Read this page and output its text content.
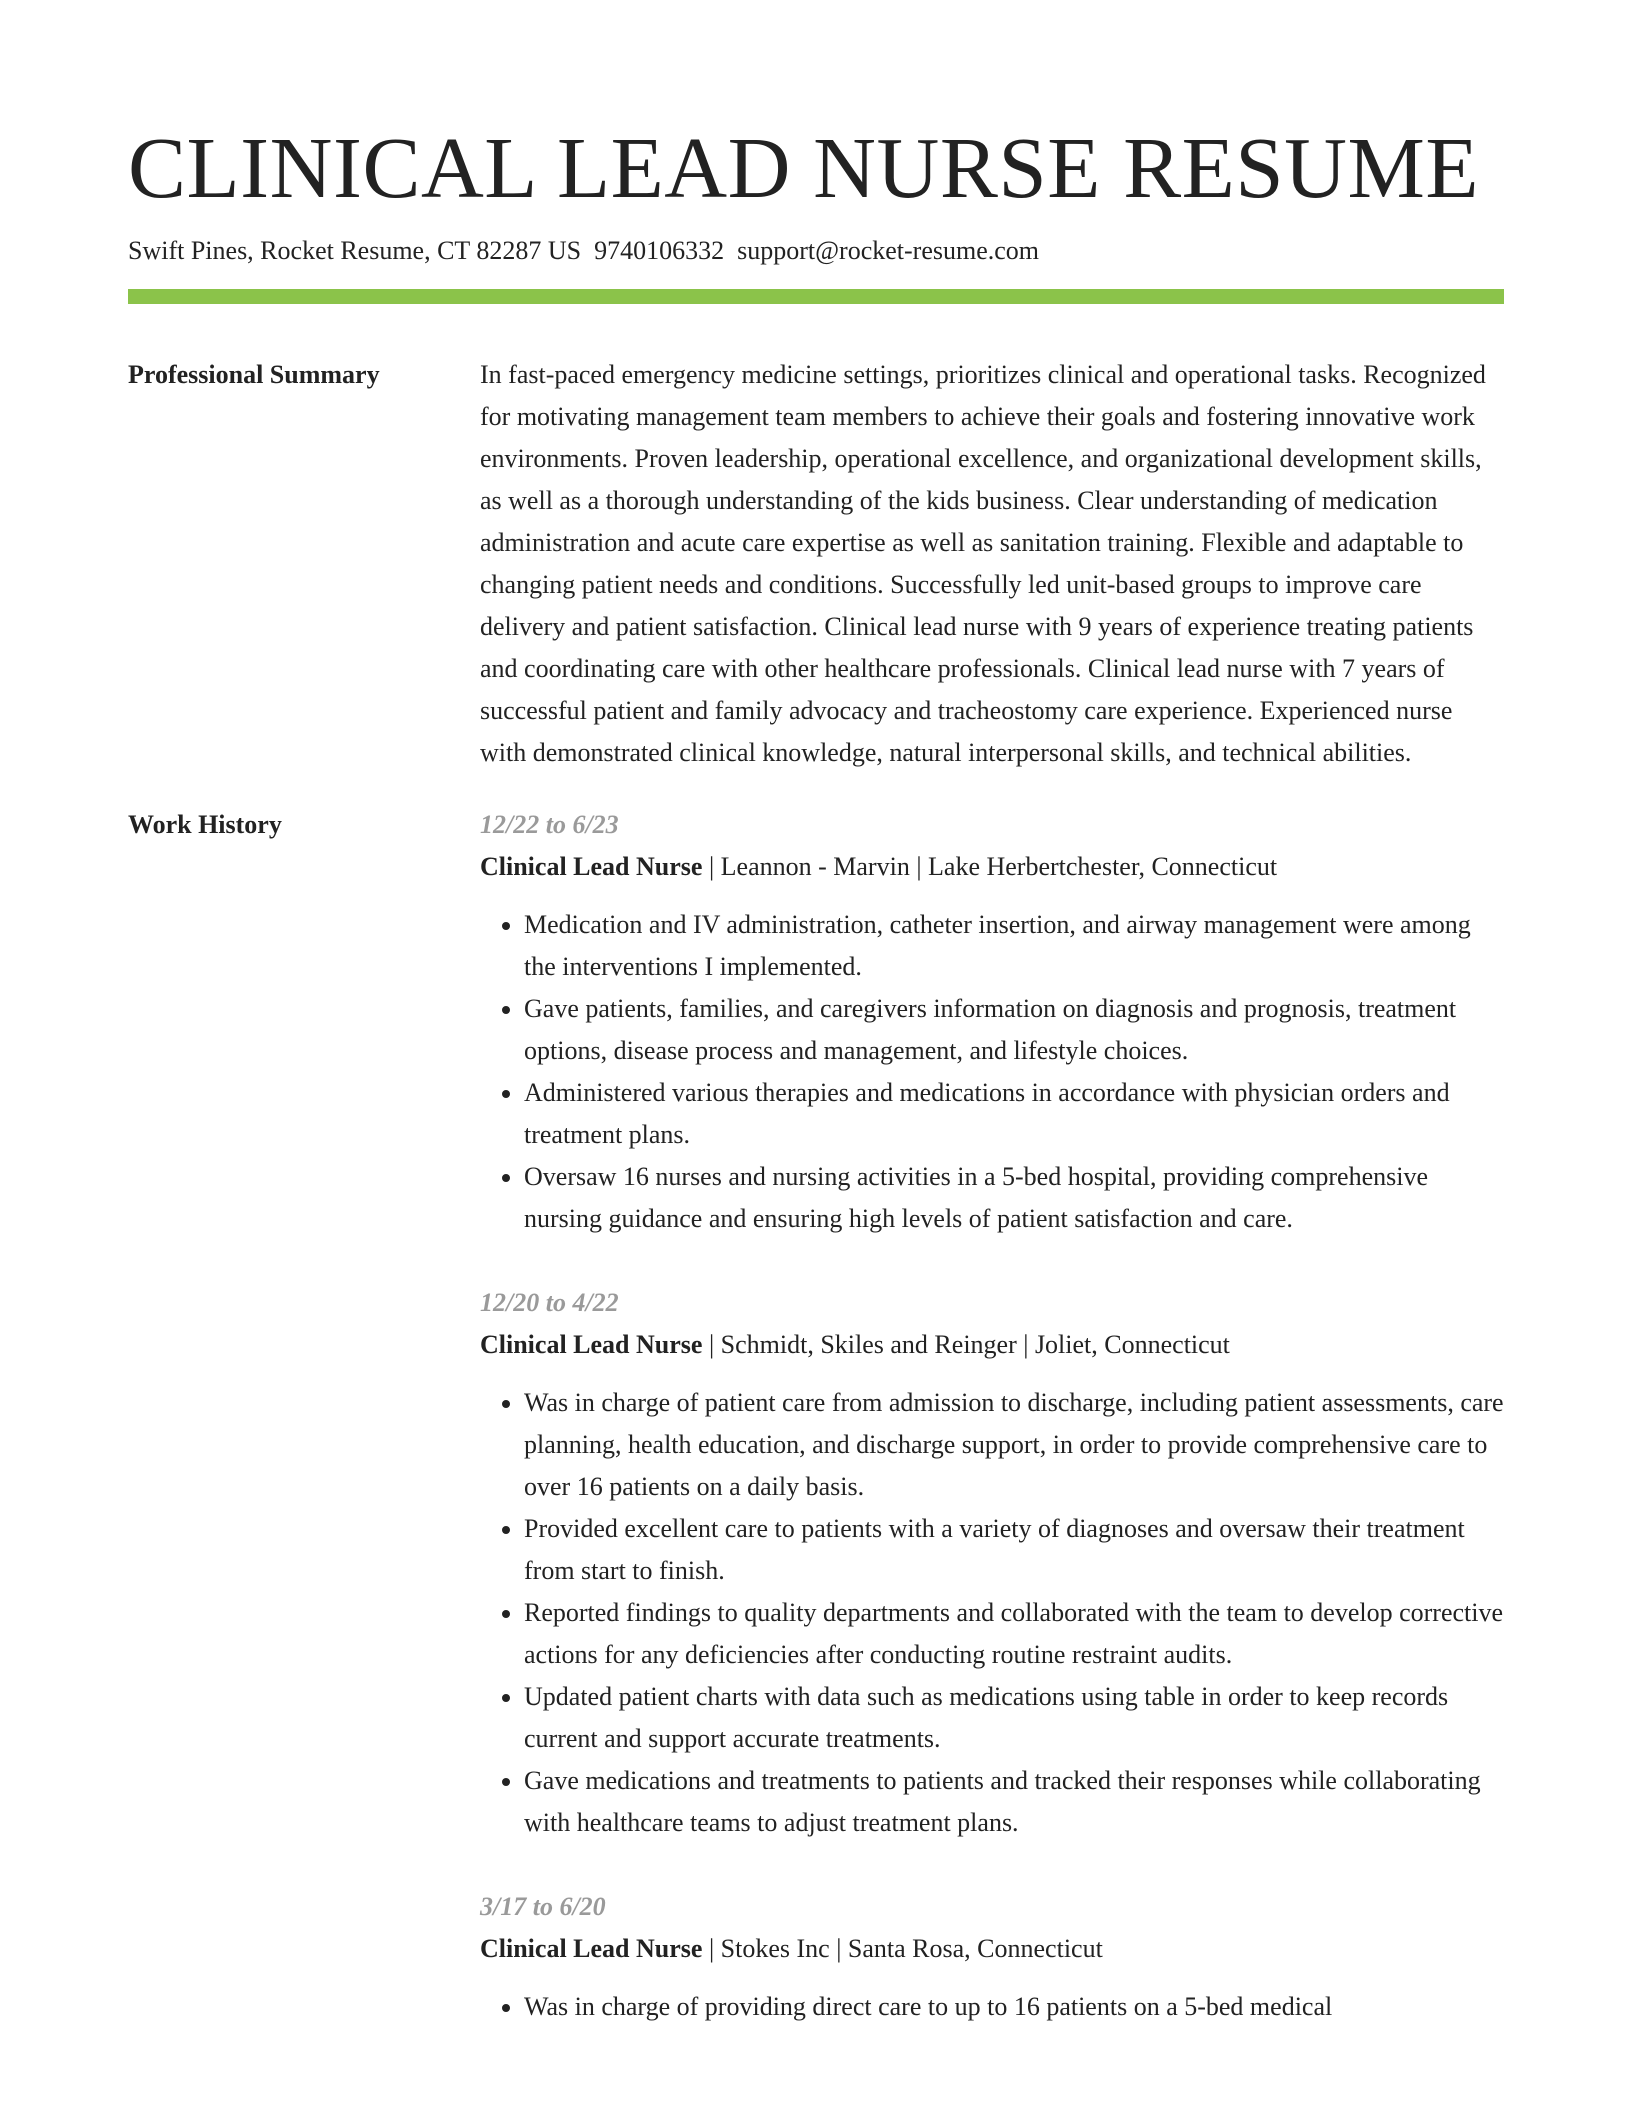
CLINICAL LEAD NURSE RESUME
Swift Pines, Rocket Resume, CT 82287 US 9740106332 support@rocket-resume.com
Professional Summary	In fast-paced emergency medicine settings, prioritizes clinical and operational tasks. Recognized for motivating management team members to achieve their goals and fostering innovative work environments. Proven leadership, operational excellence, and organizational development skills, as well as a thorough understanding of the kids business. Clear understanding of medication administration and acute care expertise as well as sanitation training. Flexible and adaptable to changing patient needs and conditions. Successfully led unit-based groups to improve care delivery and patient satisfaction. Clinical lead nurse with 9 years of experience treating patients and coordinating care with other healthcare professionals. Clinical lead nurse with 7 years of successful patient and family advocacy and tracheostomy care experience. Experienced nurse with demonstrated clinical knowledge, natural interpersonal skills, and technical abilities.

Work History	12/22 to 6/23
Clinical Lead Nurse | Leannon - Marvin | Lake Herbertchester, Connecticut
• Medication and IV administration, catheter insertion, and airway management were among the interventions I implemented.
• Gave patients, families, and caregivers information on diagnosis and prognosis, treatment options, disease process and management, and lifestyle choices.
• Administered various therapies and medications in accordance with physician orders and treatment plans.
• Oversaw 16 nurses and nursing activities in a 5-bed hospital, providing comprehensive nursing guidance and ensuring high levels of patient satisfaction and care.
12/20 to 4/22
Clinical Lead Nurse | Schmidt, Skiles and Reinger | Joliet, Connecticut
• Was in charge of patient care from admission to discharge, including patient assessments, care planning, health education, and discharge support, in order to provide comprehensive care to over 16 patients on a daily basis.
• Provided excellent care to patients with a variety of diagnoses and oversaw their treatment from start to finish.
• Reported findings to quality departments and collaborated with the team to develop corrective actions for any deficiencies after conducting routine restraint audits.
• Updated patient charts with data such as medications using table in order to keep records current and support accurate treatments.
• Gave medications and treatments to patients and tracked their responses while collaborating with healthcare teams to adjust treatment plans.
3/17 to 6/20
Clinical Lead Nurse | Stokes Inc | Santa Rosa, Connecticut
• Was in charge of providing direct care to up to 16 patients on a 5-bed medical
